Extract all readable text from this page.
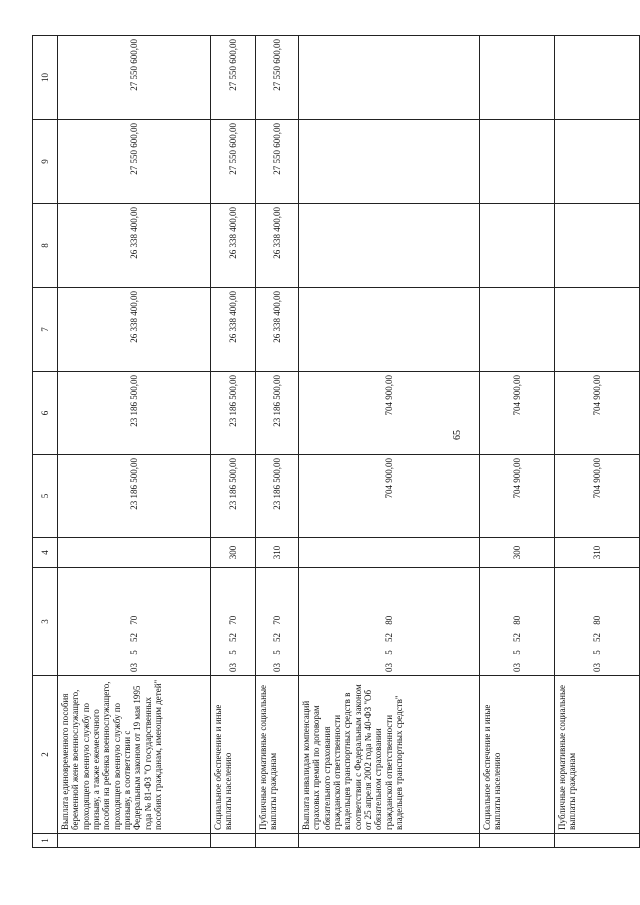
65
1	2	3	4	5	6	7	8	9	10
	Выплата единовременного пособия беременной жене военнослужащего, проходящего военную службу по призыву, а также ежемесячного пособия на ребенка военнослужащего, проходящего военную службу по призыву, в соответствии с Федеральным законом от 19 мая 1995 года № 81-ФЗ "О государственных пособиях гражданам, имеющим детей"	03 5 52 70		23 186 500,00	23 186 500,00	26 338 400,00	26 338 400,00	27 550 600,00	27 550 600,00
	Социальное обеспечение и иные выплаты населению	03 5 52 70	300	23 186 500,00	23 186 500,00	26 338 400,00	26 338 400,00	27 550 600,00	27 550 600,00
	Публичные нормативные социальные выплаты гражданам	03 5 52 70	310	23 186 500,00	23 186 500,00	26 338 400,00	26 338 400,00	27 550 600,00	27 550 600,00
	Выплата инвалидам компенсаций страховых премий по договорам обязательного страхования гражданской ответственности владельцев транспортных средств в соответствии с Федеральным законом от 25 апреля 2002 года № 40-ФЗ "Об обязательном страховании гражданской ответственности владельцев транспортных средств"	03 5 52 80		704 900,00	704 900,00				
	Социальное обеспечение и иные выплаты населению	03 5 52 80	300	704 900,00	704 900,00				
	Публичные нормативные социальные выплаты гражданам	03 5 52 80	310	704 900,00	704 900,00				
